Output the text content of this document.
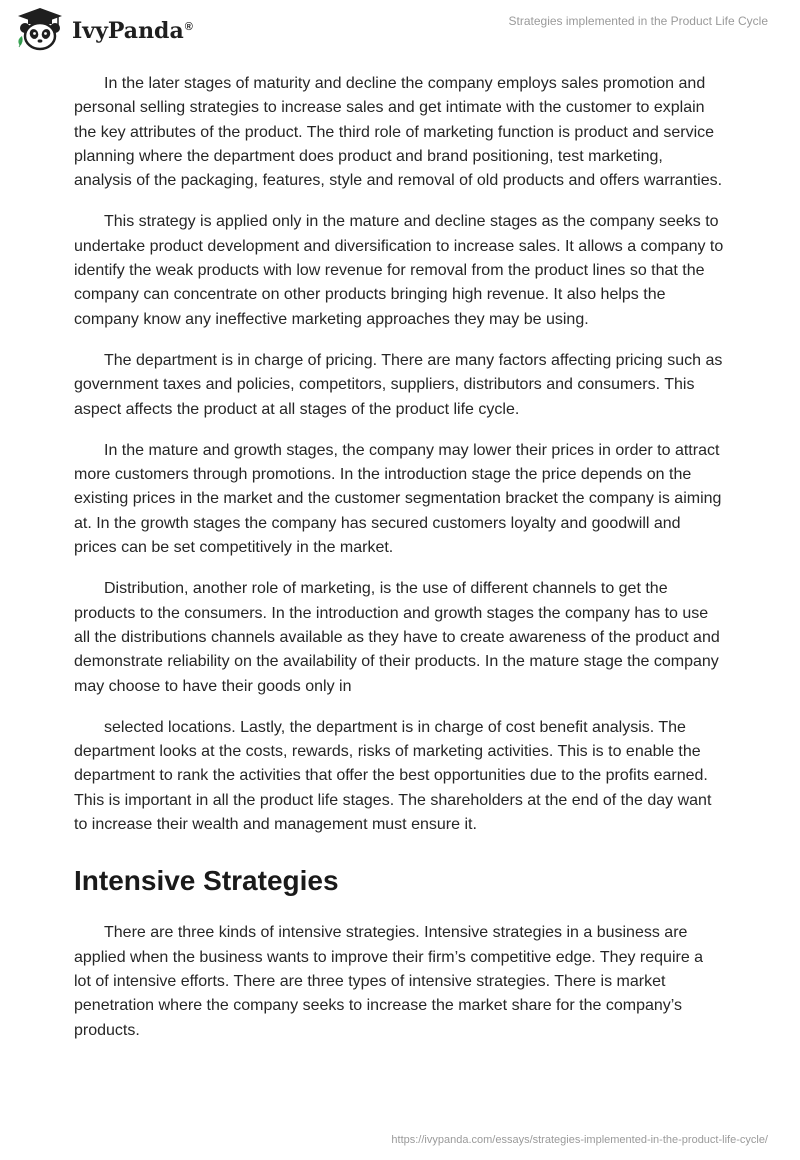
IvyPanda®	Strategies implemented in the Product Life Cycle

In the later stages of maturity and decline the company employs sales promotion and personal selling strategies to increase sales and get intimate with the customer to explain the key attributes of the product. The third role of marketing function is product and service planning where the department does product and brand positioning, test marketing, analysis of the packaging, features, style and removal of old products and offers warranties.

This strategy is applied only in the mature and decline stages as the company seeks to undertake product development and diversification to increase sales. It allows a company to identify the weak products with low revenue for removal from the product lines so that the company can concentrate on other products bringing high revenue. It also helps the company know any ineffective marketing approaches they may be using.

The department is in charge of pricing. There are many factors affecting pricing such as government taxes and policies, competitors, suppliers, distributors and consumers. This aspect affects the product at all stages of the product life cycle.

In the mature and growth stages, the company may lower their prices in order to attract more customers through promotions. In the introduction stage the price depends on the existing prices in the market and the customer segmentation bracket the company is aiming at. In the growth stages the company has secured customers loyalty and goodwill and prices can be set competitively in the market.

Distribution, another role of marketing, is the use of different channels to get the products to the consumers. In the introduction and growth stages the company has to use all the distributions channels available as they have to create awareness of the product and demonstrate reliability on the availability of their products. In the mature stage the company may choose to have their goods only in

selected locations. Lastly, the department is in charge of cost benefit analysis. The department looks at the costs, rewards, risks of marketing activities. This is to enable the department to rank the activities that offer the best opportunities due to the profits earned. This is important in all the product life stages. The shareholders at the end of the day want to increase their wealth and management must ensure it.

Intensive Strategies

There are three kinds of intensive strategies. Intensive strategies in a business are applied when the business wants to improve their firm’s competitive edge. They require a lot of intensive efforts. There are three types of intensive strategies. There is market penetration where the company seeks to increase the market share for the company’s products.

https://ivypanda.com/essays/strategies-implemented-in-the-product-life-cycle/
